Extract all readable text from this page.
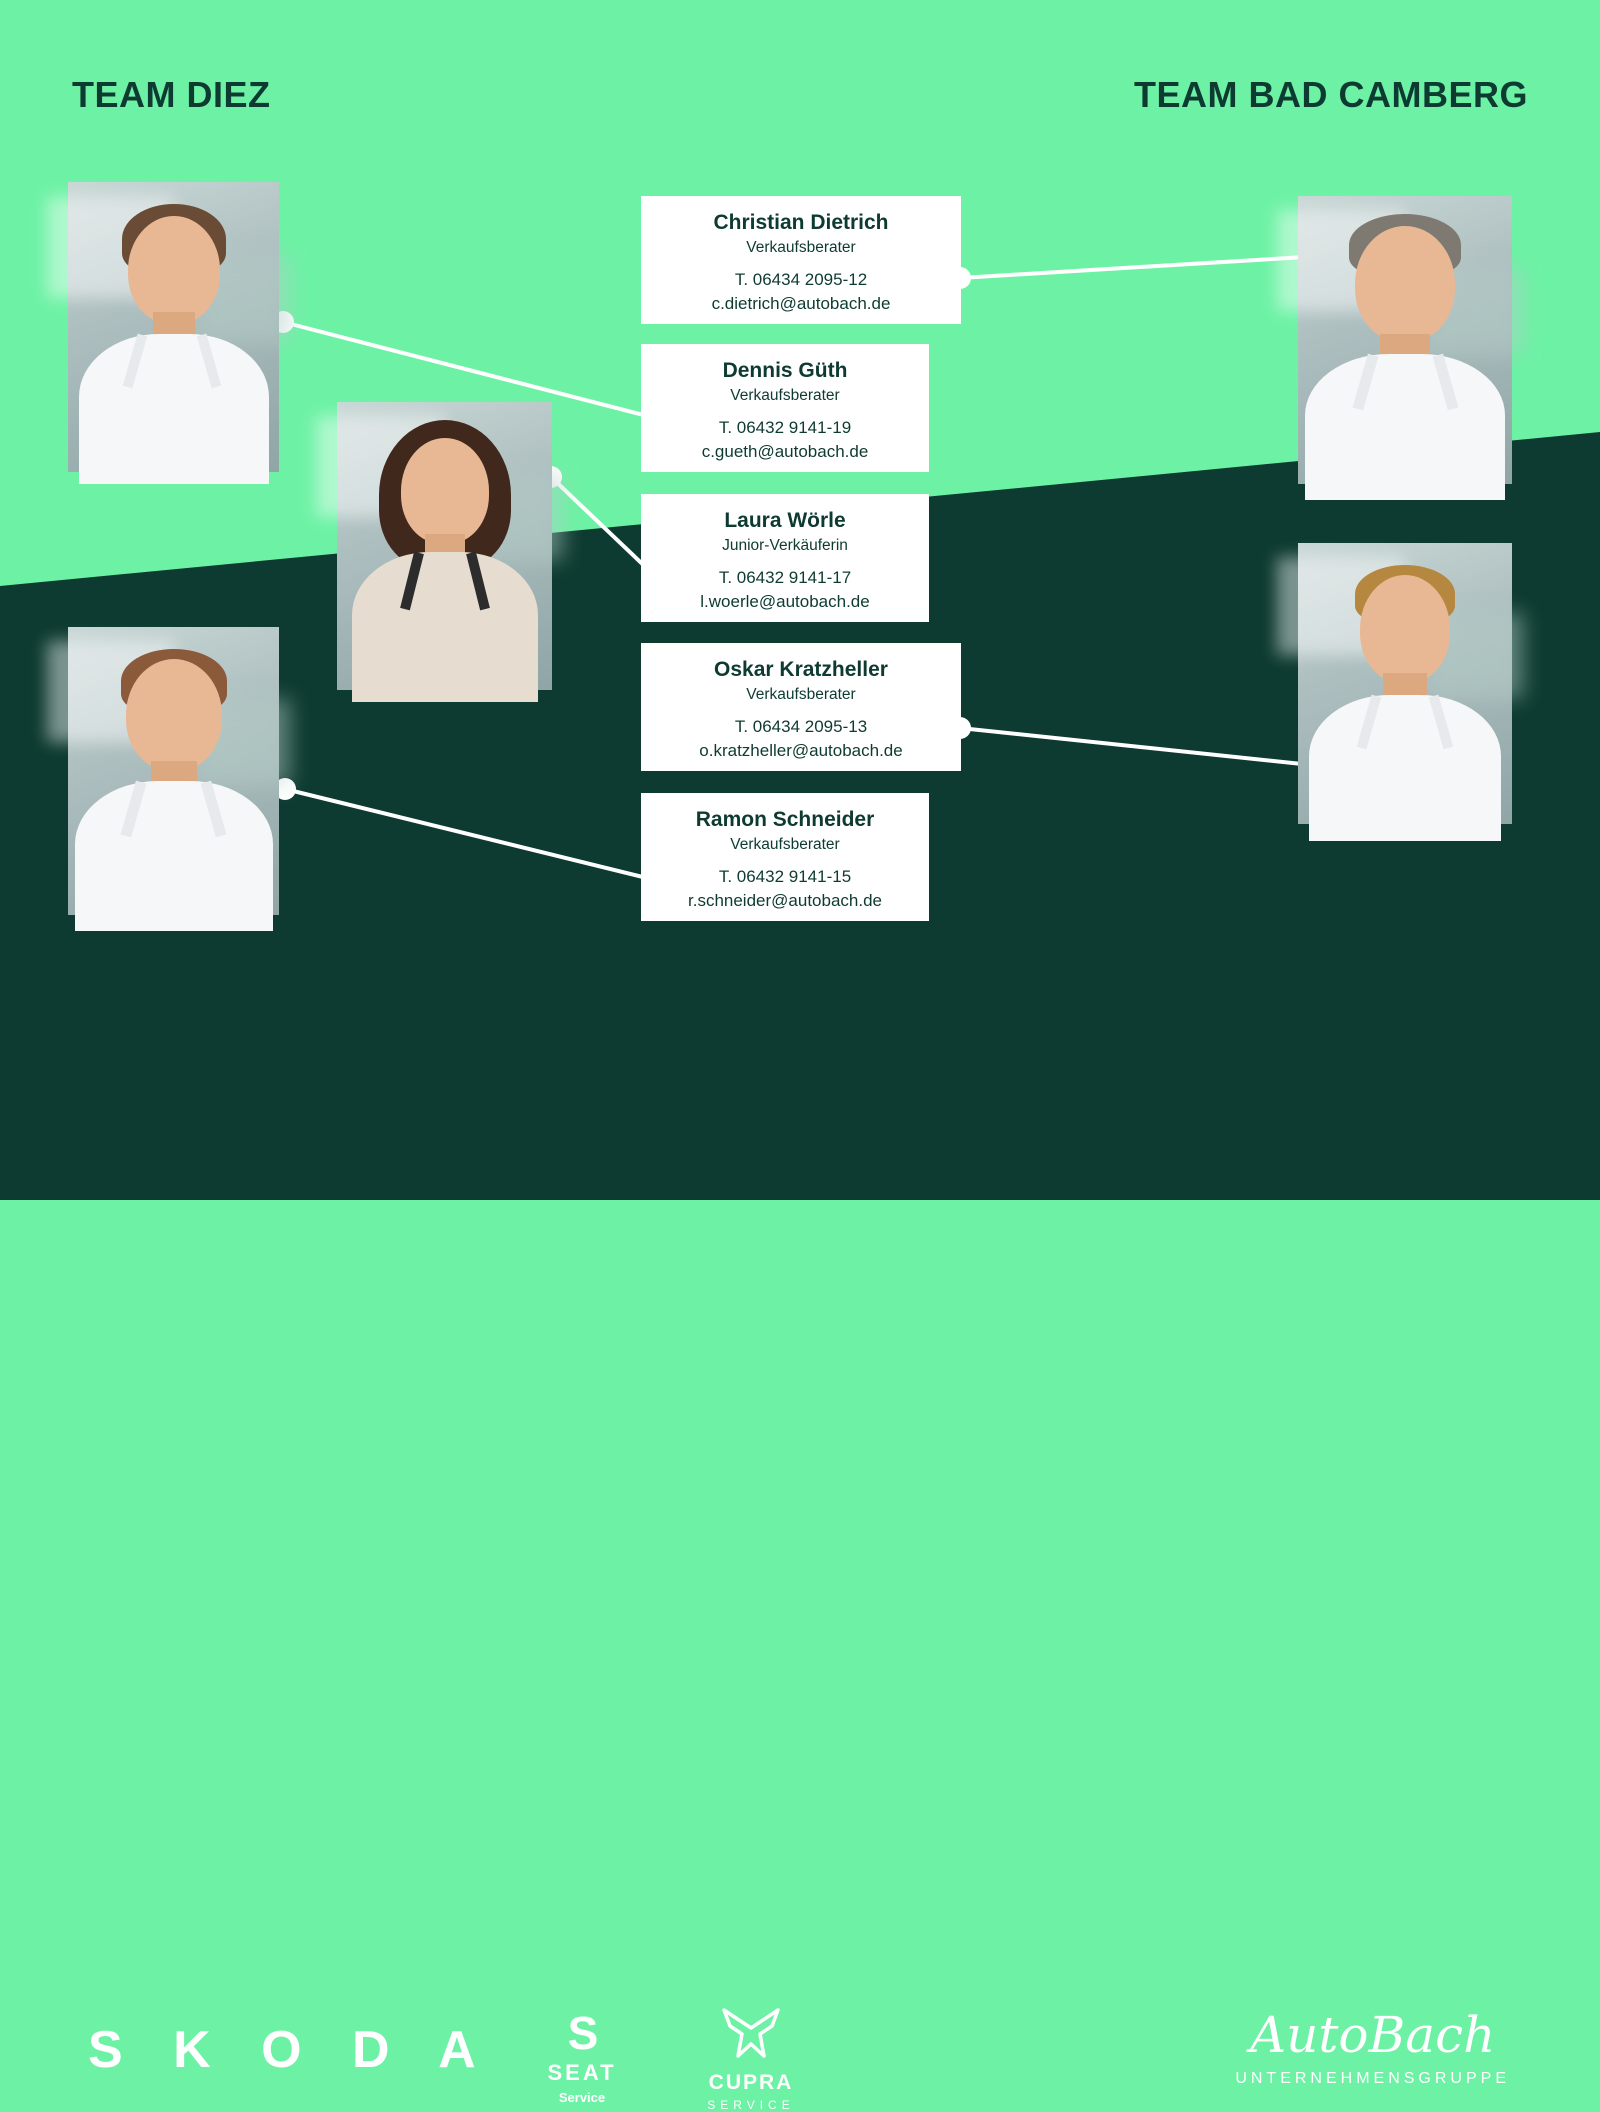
TEAM DIEZ	TEAM BAD CAMBERG
Christian Dietrich
Verkaufsberater
T. 06434 2095-12
c.dietrich@autobach.de
Dennis Güth
Verkaufsberater
T. 06432 9141-19
c.gueth@autobach.de
Laura Wörle
Junior-Verkäuferin
T. 06432 9141-17
l.woerle@autobach.de
Oskar Kratzheller
Verkaufsberater
T. 06434 2095-13
o.kratzheller@autobach.de
Ramon Schneider
Verkaufsberater
T. 06432 9141-15
r.schneider@autobach.de
S K O D A	S
SEAT
Service
CUPRA
SERVICE
AutoBach
UNTERNEHMENSGRUPPE
